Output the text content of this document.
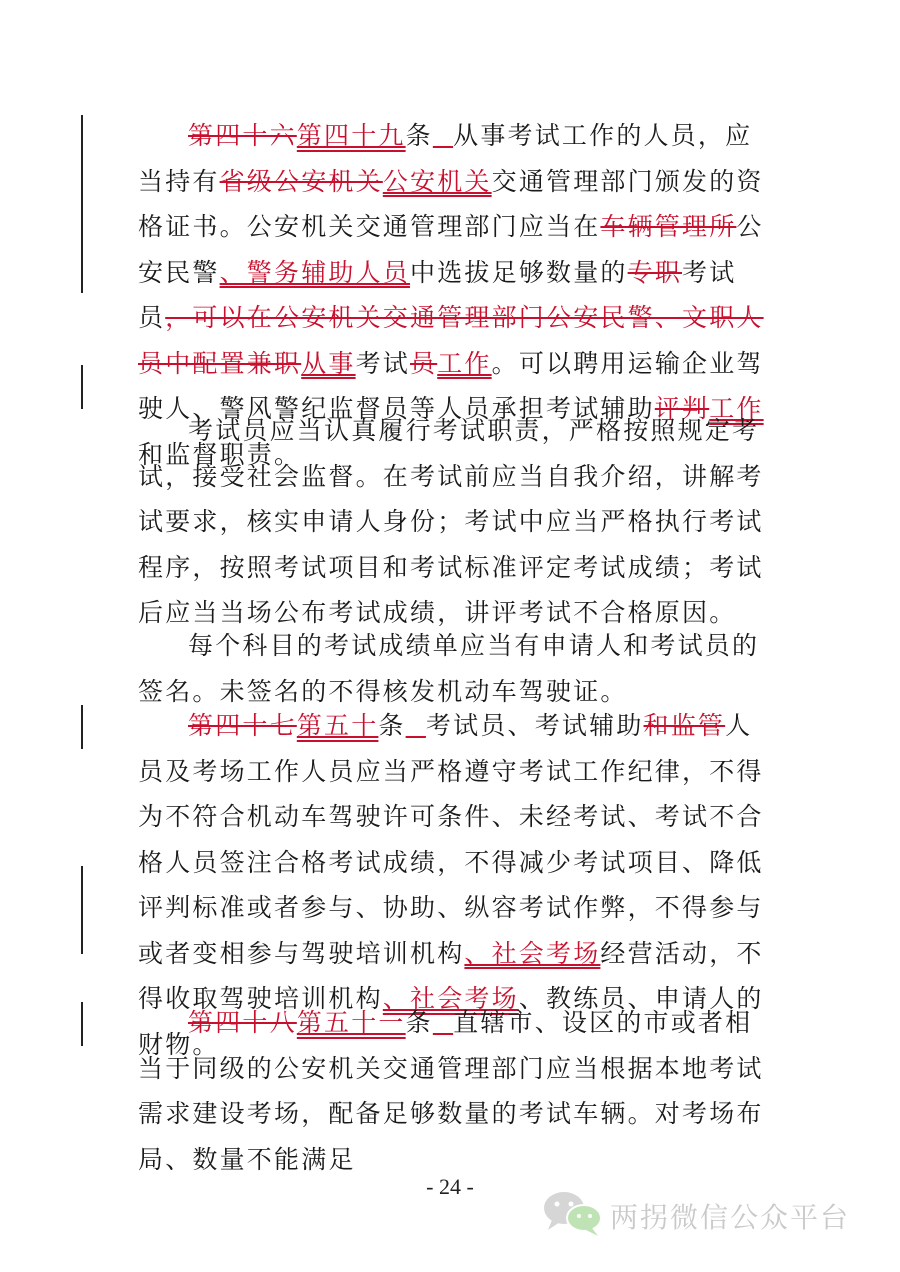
第四十六第四十九条 从事考试工作的人员，应当持有省级公安机关公安机关交通管理部门颁发的资格证书。公安机关交通管理部门应当在车辆管理所公安民警、警务辅助人员中选拔足够数量的专职考试员，可以在公安机关交通管理部门公安民警、文职人员中配置兼职从事考试员工作。可以聘用运输企业驾驶人、警风警纪监督员等人员承担考试辅助评判工作和监督职责。

考试员应当认真履行考试职责，严格按照规定考试，接受社会监督。在考试前应当自我介绍，讲解考试要求，核实申请人身份；考试中应当严格执行考试程序，按照考试项目和考试标准评定考试成绩；考试后应当当场公布考试成绩，讲评考试不合格原因。

每个科目的考试成绩单应当有申请人和考试员的签名。未签名的不得核发机动车驾驶证。

第四十七第五十条 考试员、考试辅助和监管人员及考场工作人员应当严格遵守考试工作纪律，不得为不符合机动车驾驶许可条件、未经考试、考试不合格人员签注合格考试成绩，不得减少考试项目、降低评判标准或者参与、协助、纵容考试作弊，不得参与或者变相参与驾驶培训机构、社会考场经营活动，不得收取驾驶培训机构、社会考场、教练员、申请人的财物。

第四十八第五十一条 直辖市、设区的市或者相当于同级的公安机关交通管理部门应当根据本地考试需求建设考场，配备足够数量的考试车辆。对考场布局、数量不能满足

- 24 -
两拐微信公众平台
